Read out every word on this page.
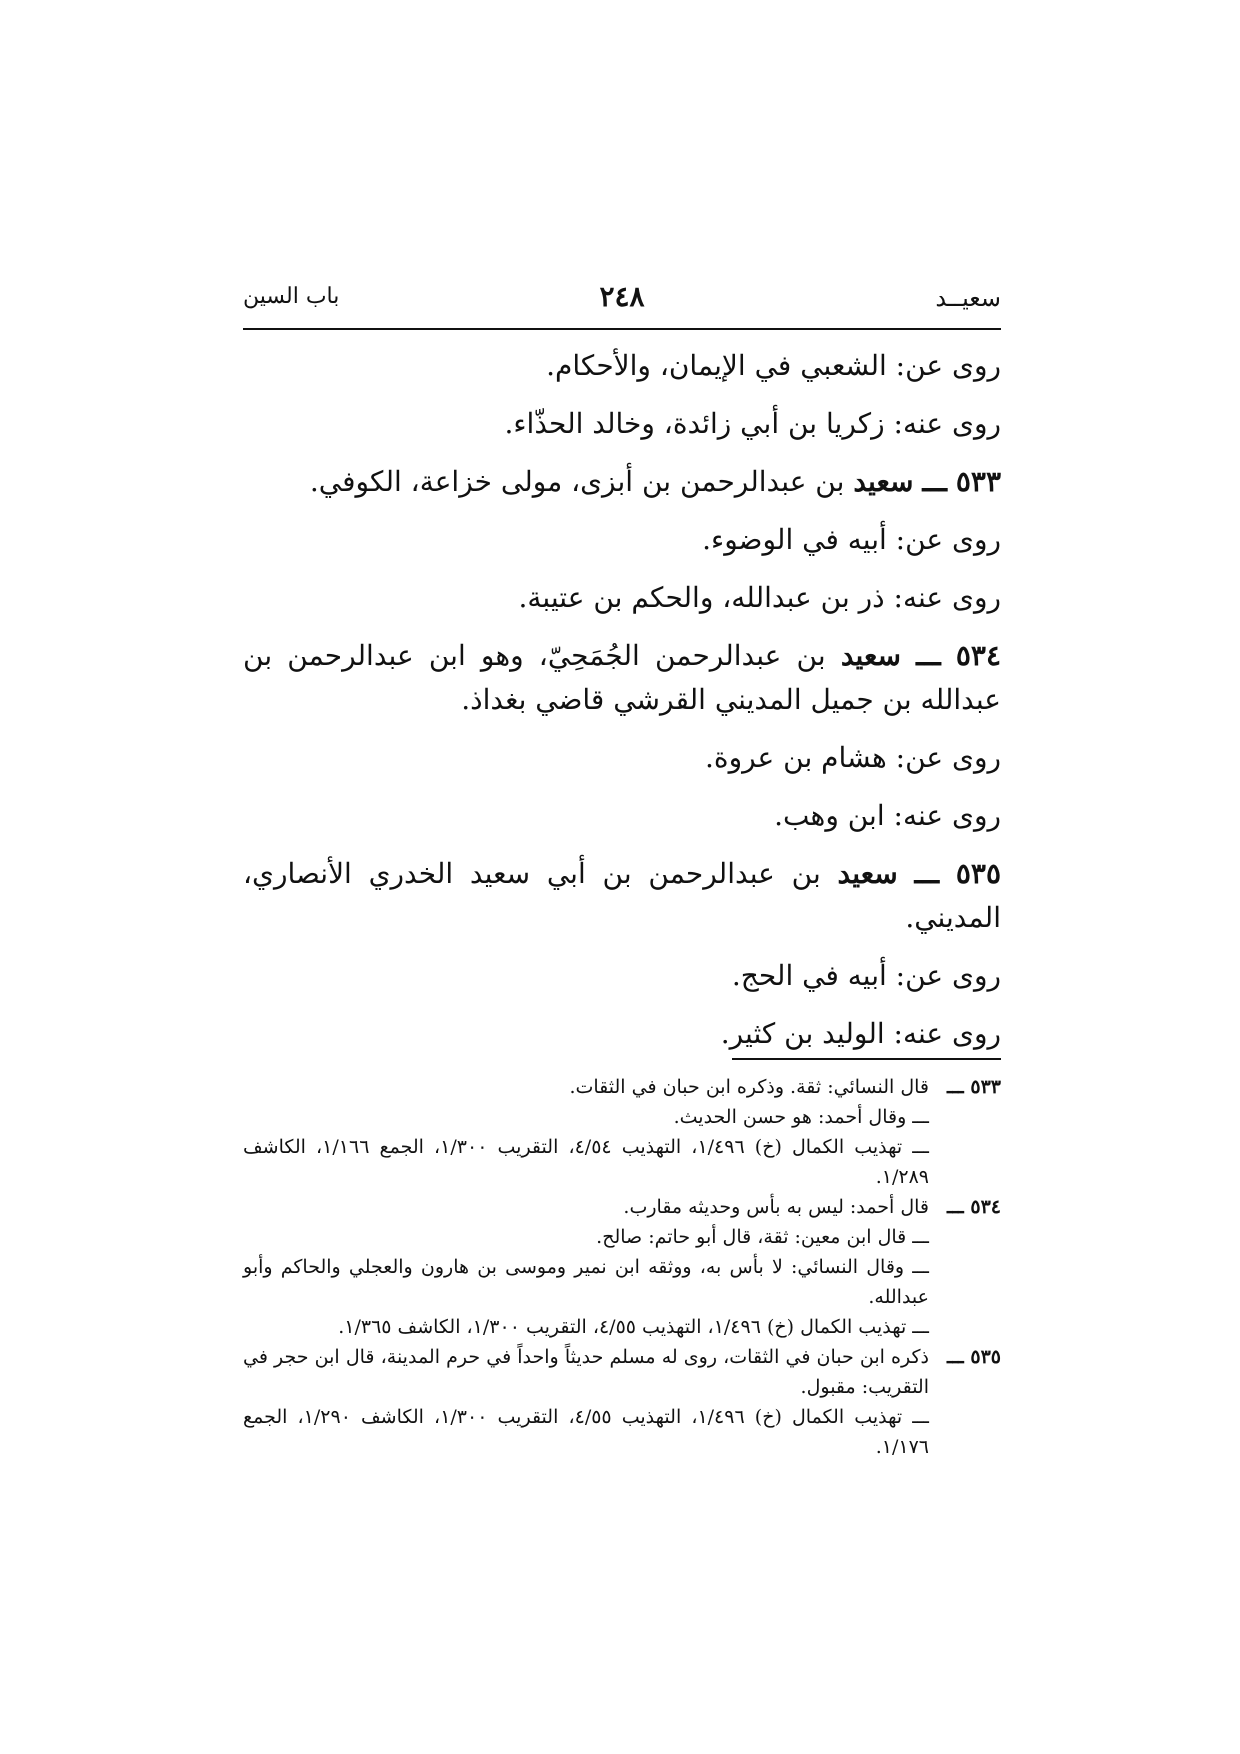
سعيــد
٢٤٨
باب السين

روى عن: الشعبي في الإيمان، والأحكام.

روى عنه: زكريا بن أبي زائدة، وخالد الحذّاء.

٥٣٣ ـــ سعيد بن عبدالرحمن بن أبزى، مولى خزاعة، الكوفي.

روى عن: أبيه في الوضوء.

روى عنه: ذر بن عبدالله، والحكم بن عتيبة.

٥٣٤ ـــ سعيد بن عبدالرحمن الجُمَحِيّ، وهو ابن عبدالرحمن بن عبدالله بن جميل المديني القرشي قاضي بغداذ.

روى عن: هشام بن عروة.

روى عنه: ابن وهب.

٥٣٥ ـــ سعيد بن عبدالرحمن بن أبي سعيد الخدري الأنصاري، المديني.

روى عن: أبيه في الحج.

روى عنه: الوليد بن كثير.

٥٣٣ ـــ
قال النسائي: ثقة. وذكره ابن حبان في الثقات.

ـــ وقال أحمد: هو حسن الحديث.

ـــ تهذيب الكمال (خ) ١/٤٩٦، التهذيب ٤/٥٤، التقريب ١/٣٠٠، الجمع ١/١٦٦، الكاشف ١/٢٨٩.

٥٣٤ ـــ
قال أحمد: ليس به بأس وحديثه مقارب.

ـــ قال ابن معين: ثقة، قال أبو حاتم: صالح.

ـــ وقال النسائي: لا بأس به، ووثقه ابن نمير وموسى بن هارون والعجلي والحاكم وأبو عبدالله.

ـــ تهذيب الكمال (خ) ١/٤٩٦، التهذيب ٤/٥٥، التقريب ١/٣٠٠، الكاشف ١/٣٦٥.

٥٣٥ ـــ
ذكره ابن حبان في الثقات، روى له مسلم حديثاً واحداً في حرم المدينة، قال ابن حجر في التقريب: مقبول.

ـــ تهذيب الكمال (خ) ١/٤٩٦، التهذيب ٤/٥٥، التقريب ١/٣٠٠، الكاشف ١/٢٩٠، الجمع ١/١٧٦.
